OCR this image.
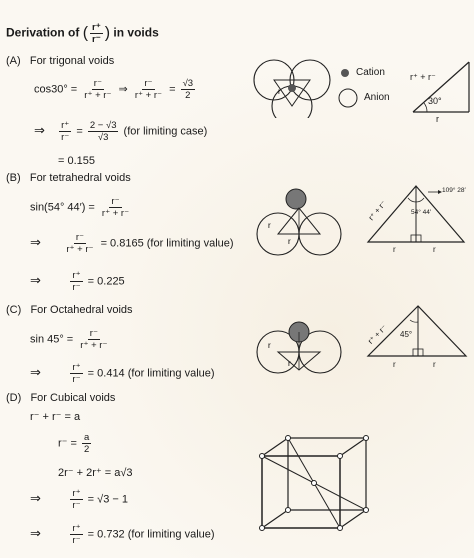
Derivation of ( $\frac{r^+}{r^-}$ ) in voids
(A) For trigonal voids
$\cos 30^\circ = \frac{r^-}{r^+ + r^-}$ ⇒ $\frac{r^-}{r^+ + r^-} = \frac{√3}{2}$
⇒ $\frac{r^+}{r^-} = \frac{2 - √3}{√3} (for$ limiting case)
= 0.155
r
Cation
Anion
r⁺ + r⁻
30°
r
(B) For tetrahedral voids
sin(54° $44') = \frac{r^-}{r^+ + r^-}$
⇒ $\frac{r^-}{r^+ + r^-} = 0.8165$ (for limiting value)
⇒	$\frac{r^+}{r^-} = 0.225$
r
r
109° 28′
54° 44′
r⁺ + r⁻
r	r
(C) For Octahedral voids
$\sin 45^\circ = \frac{r^-}{r^+ + r^-}$
⇒	$\frac{r^+}{r^-} = 0.414$ (for limiting value)
r
r
45°
r⁺ + r⁻
r	r
(D) For Cubical voids
r⁻ + r⁻ = a
$r^- = \frac{a}{2}$
2r⁻ + 2r⁺ = a√3
⇒	$\frac{r^+}{r^-} = √3 - 1$
⇒	$\frac{r^+}{r^-} = 0.732$ (for limiting value)
